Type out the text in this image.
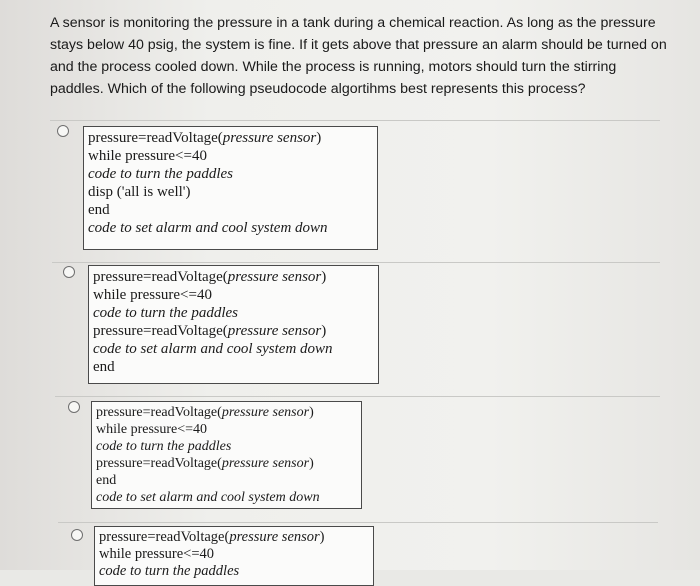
A sensor is monitoring the pressure in a tank during a chemical reaction. As long as the pressure stays below 40 psig, the system is fine. If it gets above that pressure an alarm should be turned on and the process cooled down. While the process is running, motors should turn the stirring paddles. Which of the following pseudocode algortihms best represents this process?
pressure=readVoltage(pressure sensor)
while pressure<=40
code to turn the paddles
disp ('all is well')
end
code to set alarm and cool system down
pressure=readVoltage(pressure sensor)
while pressure<=40
code to turn the paddles
pressure=readVoltage(pressure sensor)
code to set alarm and cool system down
end
pressure=readVoltage(pressure sensor)
while pressure<=40
code to turn the paddles
pressure=readVoltage(pressure sensor)
end
code to set alarm and cool system down
pressure=readVoltage(pressure sensor)
while pressure<=40
code to turn the paddles
